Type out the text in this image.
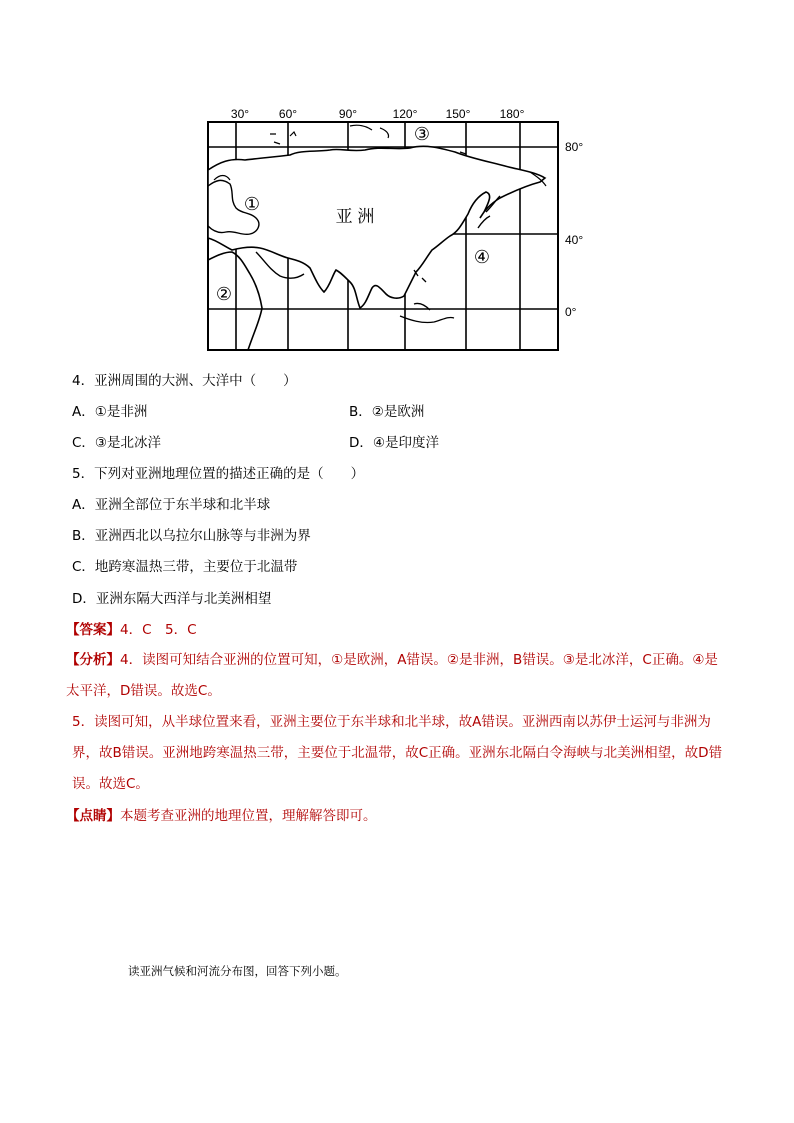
30° 60°	90°	120° 150° 180°
80°
40°
0°
①
②
③
④
亚 洲
4．亚洲周围的大洲、大洋中（　　）
A．①是非洲	B．②是欧洲
C．③是北冰洋	D．④是印度洋
5．下列对亚洲地理位置的描述正确的是（　　）
A．亚洲全部位于东半球和北半球
B．亚洲西北以乌拉尔山脉等与非洲为界
C．地跨寒温热三带，主要位于北温带
D．亚洲东隔大西洋与北美洲相望
【答案】4．C　5．C
【分析】4．读图可知结合亚洲的位置可知，①是欧洲，A错误。②是非洲，B错误。③是北冰洋，C正确。④是太平洋，D错误。故选C。
5．读图可知，从半球位置来看，亚洲主要位于东半球和北半球，故A错误。亚洲西南以苏伊士运河与非洲为界，故B错误。亚洲地跨寒温热三带，主要位于北温带，故C正确。亚洲东北隔白令海峡与北美洲相望，故D错误。故选C。
【点睛】本题考查亚洲的地理位置，理解解答即可。
读亚洲气候和河流分布图，回答下列小题。
